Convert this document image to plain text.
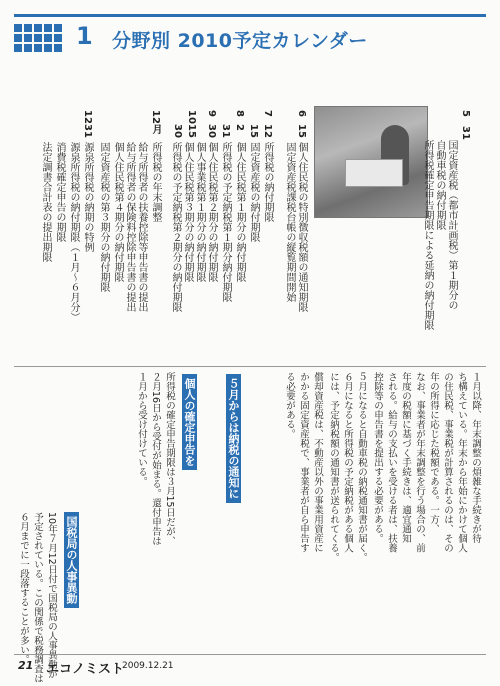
1 分野別 2010予定カレンダー
5
31
6
15
7
12
15
8
2
31
9
30
10
15
30
12
月
12
31
国定資産税（都市計画税）第１期分の
自動車税の納付期限
所得税確定申告期限による延納の納付期限
個人住民税の特別徴収税額の通知期限
固定資産税課税台帳の縦覧期間開始
所得税の納付期限
固定資産税の納付期限
個人住民税第１期分の納付期限
所得税の予定納税第１期分納付期限
個人住民税第２期分の納付期限
個人事業税第１期分の納付期限
個人住民税第３期分の納付期限
所得税の予定納税第２期分の納付期限
所得税の年末調整
給与所得者の扶養控除等申告書の提出
給与所得者の保険料控除申告書の提出
個人住民税第４期分の納付期限
固定資産税の第３期分の納付期限
源泉所得税の納期の特例
源泉所得税の納付期限（１月〜６月分）
消費税確定申告の期限
法定調書合計表の提出期限
１月以降、年末調整の煩雑な手続きが待
ち構えている。年末から年始にかけて個人
の住民税、事業税が計算されるのは、その
年の所得に応じた税額である。一方、
なお、事業者が年末調整を行う場合の、前
年度の税額に基づく手続きは、適宜通知
される。給与の支払いを受ける者は、扶養
控除等の申告書を提出する必要がある。
償却資産税は、不動産以外の事業用資産に
かかる固定資産税で、事業者が自ら申告す
る必要がある。
５月からは納税の通知に
個人の確定申告を
国税局の人事異動	５月になると自動車税の納税通知書が届く。
６月になると所得税の予定納税がある個人
には、予定納税額の通知書が送られてくる。
所得税の確定申告期限は３月15日だが、
２月16日から受付が始まる。還付申告は
１月から受け付けている。
10年７月12日付で国税局の人事異動が
予定されている。この関係で税務調査は
６月までに一段落することが多い。
21 エコノミスト
2009.12.21
